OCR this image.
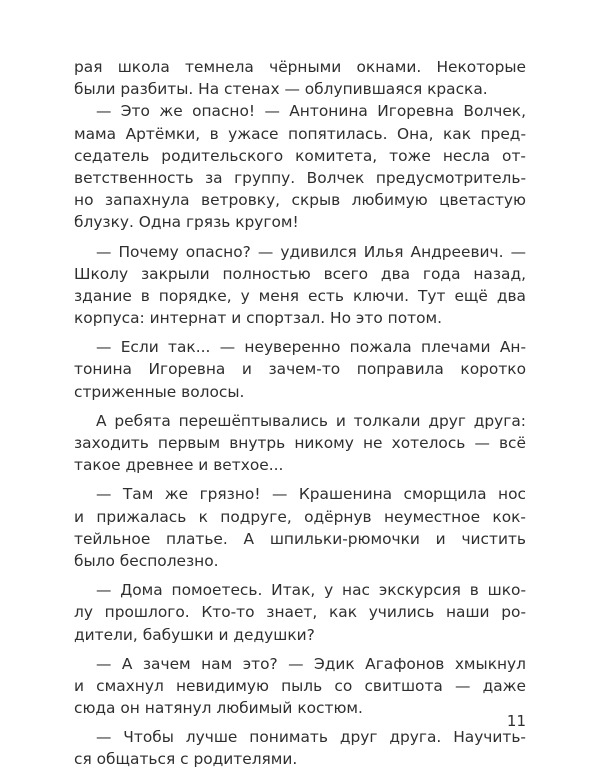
рая школа темнела чёрными окнами. Некоторые
были разбиты. На стенах — облупившаяся краска.
— Это же опасно! — Антонина Игоревна Волчек,
мама Артёмки, в ужасе попятилась. Она, как пред-
седатель родительского комитета, тоже несла от-
ветственность за группу. Волчек предусмотритель-
но запахнула ветровку, скрыв любимую цветастую
блузку. Одна грязь кругом!
— Почему опасно? — удивился Илья Андреевич. —
Школу закрыли полностью всего два года назад,
здание в порядке, у меня есть ключи. Тут ещё два
корпуса: интернат и спортзал. Но это потом.
— Если так... — неуверенно пожала плечами Ан-
тонина Игоревна и зачем-то поправила коротко
стриженные волосы.
А ребята перешёптывались и толкали друг друга:
заходить первым внутрь никому не хотелось — всё
такое древнее и ветхое...
— Там же грязно! — Крашенина сморщила нос
и прижалась к подруге, одёрнув неуместное кок-
тейльное платье. А шпильки-рюмочки и чистить
было бесполезно.
— Дома помоетесь. Итак, у нас экскурсия в шко-
лу прошлого. Кто-то знает, как учились наши ро-
дители, бабушки и дедушки?
— А зачем нам это? — Эдик Агафонов хмыкнул
и смахнул невидимую пыль со свитшота — даже
сюда он натянул любимый костюм.
— Чтобы лучше понимать друг друга. Научить-
ся общаться с родителями.
11
